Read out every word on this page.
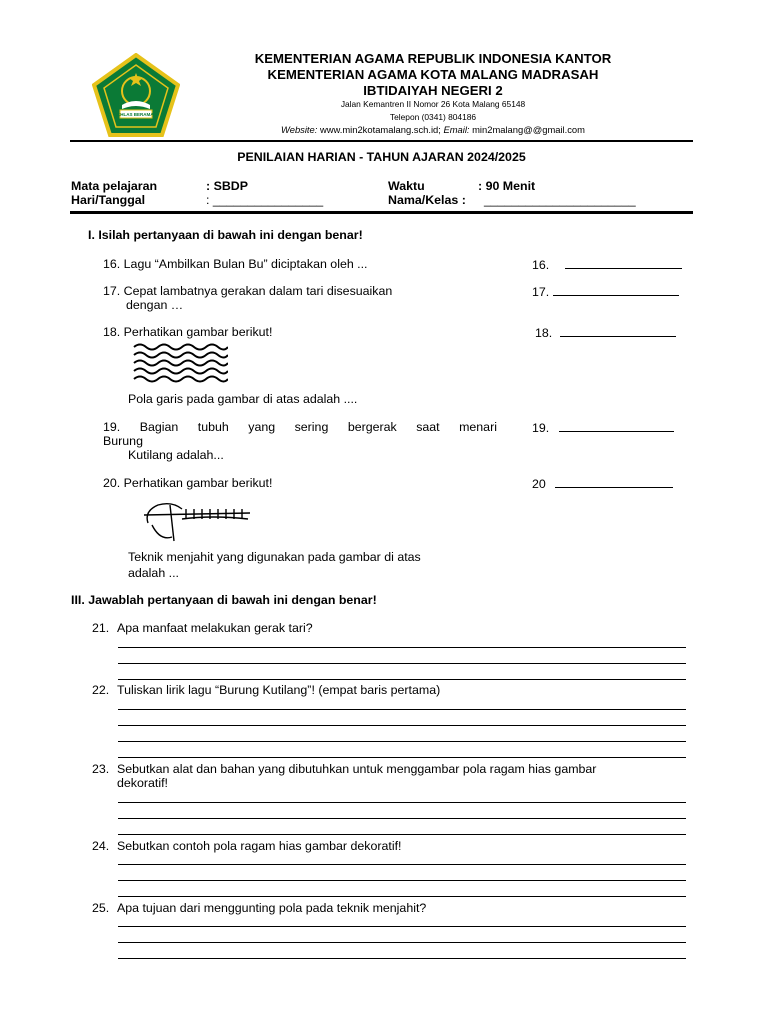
IKHLAS BERAMAL
KEMENTERIAN AGAMA REPUBLIK INDONESIA KANTOR
KEMENTERIAN AGAMA KOTA MALANG MADRASAH
IBTIDAIYAH NEGERI 2
Jalan Kemantren II Nomor 26 Kota Malang 65148
Telepon (0341) 804186
Website: www.min2kotamalang.sch.id; Email: min2malang@@gmail.com
PENILAIAN HARIAN - TAHUN AJARAN 2024/2025
Mata pelajaran	: SBDP	Waktu	: 90 Menit
Hari/Tanggal	: ________________	Nama/Kelas : ______________________
I. Isilah pertanyaan di bawah ini dengan benar!
16. Lagu “Ambilkan Bulan Bu” diciptakan oleh ...	16.
17. Cepat lambatnya gerakan dalam tari disesuaikan
dengan …
17.
18. Perhatikan gambar berikut!	18.
Pola garis pada gambar di atas adalah ....
19. Bagian tubuh yang sering bergerak saat menari
Burung
Kutilang adalah...
19.
20. Perhatikan gambar berikut!	20
Teknik menjahit yang digunakan pada gambar di atas
adalah ...
III. Jawablah pertanyaan di bawah ini dengan benar!
21. Apa manfaat melakukan gerak tari?
22. Tuliskan lirik lagu “Burung Kutilang”! (empat baris pertama)
23. Sebutkan alat dan bahan yang dibutuhkan untuk menggambar pola ragam hias gambar
dekoratif!
24. Sebutkan contoh pola ragam hias gambar dekoratif!
25. Apa tujuan dari menggunting pola pada teknik menjahit?
